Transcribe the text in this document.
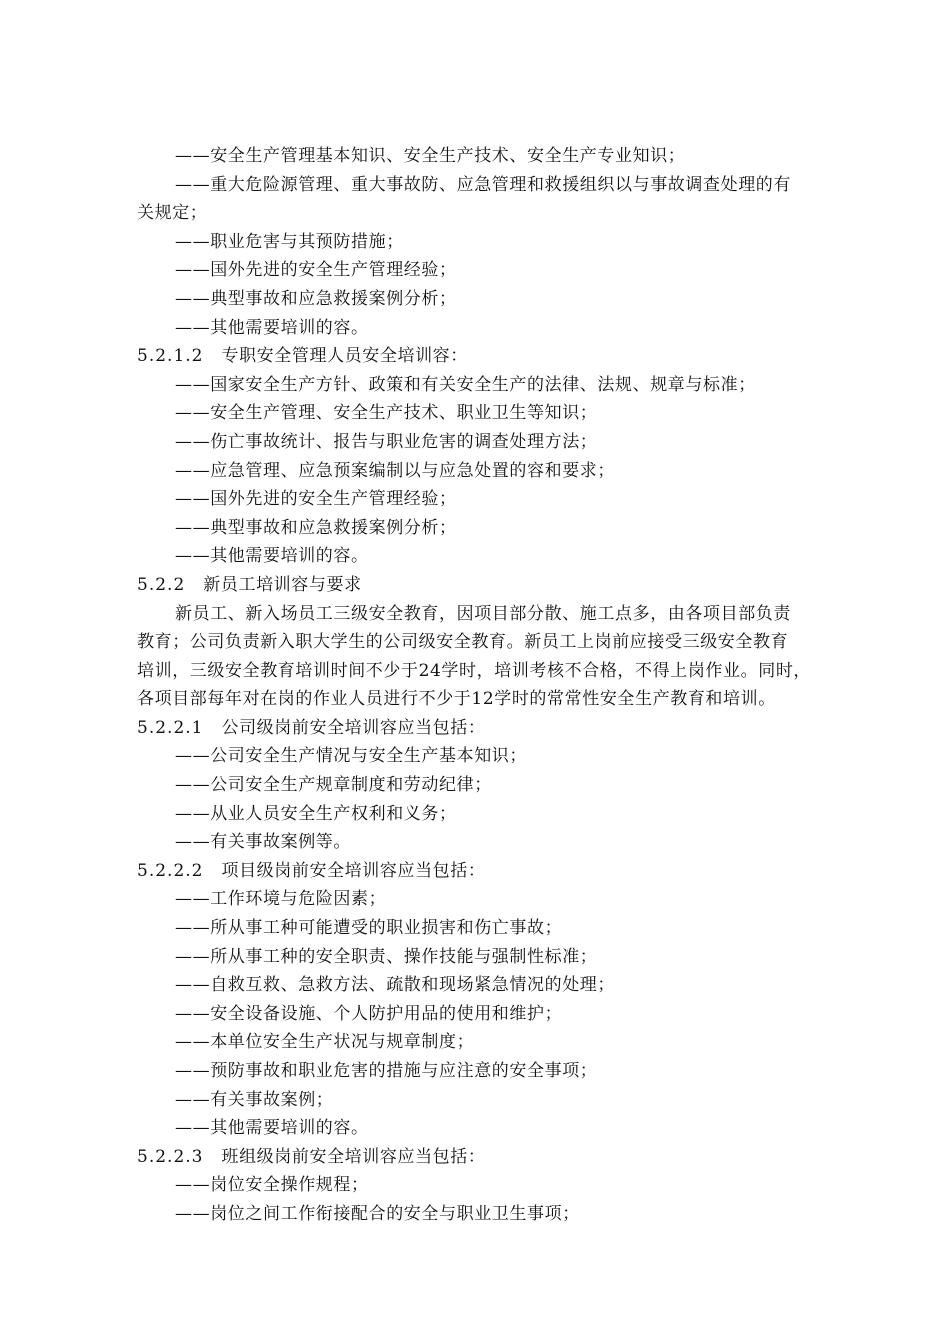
——安全生产管理基本知识、安全生产技术、安全生产专业知识；
——重大危险源管理、重大事故防、应急管理和救援组织以与事故调查处理的有
关规定；
——职业危害与其预防措施；
——国外先进的安全生产管理经验；
——典型事故和应急救援案例分析；
——其他需要培训的容。
5.2.1.2 专职安全管理人员安全培训容：
——国家安全生产方针、政策和有关安全生产的法律、法规、规章与标准；
——安全生产管理、安全生产技术、职业卫生等知识；
——伤亡事故统计、报告与职业危害的调查处理方法；
——应急管理、应急预案编制以与应急处置的容和要求；
——国外先进的安全生产管理经验；
——典型事故和应急救援案例分析；
——其他需要培训的容。
5.2.2 新员工培训容与要求
新员工、新入场员工三级安全教育，因项目部分散、施工点多，由各项目部负责
教育；公司负责新入职大学生的公司级安全教育。新员工上岗前应接受三级安全教育
培训，三级安全教育培训时间不少于24学时，培训考核不合格，不得上岗作业。同时，
各项目部每年对在岗的作业人员进行不少于12学时的常常性安全生产教育和培训。
5.2.2.1 公司级岗前安全培训容应当包括：
——公司安全生产情况与安全生产基本知识；
——公司安全生产规章制度和劳动纪律；
——从业人员安全生产权利和义务；
——有关事故案例等。
5.2.2.2 项目级岗前安全培训容应当包括：
——工作环境与危险因素；
——所从事工种可能遭受的职业损害和伤亡事故；
——所从事工种的安全职责、操作技能与强制性标准；
——自救互救、急救方法、疏散和现场紧急情况的处理；
——安全设备设施、个人防护用品的使用和维护；
——本单位安全生产状况与规章制度；
——预防事故和职业危害的措施与应注意的安全事项；
——有关事故案例；
——其他需要培训的容。
5.2.2.3 班组级岗前安全培训容应当包括：
——岗位安全操作规程；
——岗位之间工作衔接配合的安全与职业卫生事项；
